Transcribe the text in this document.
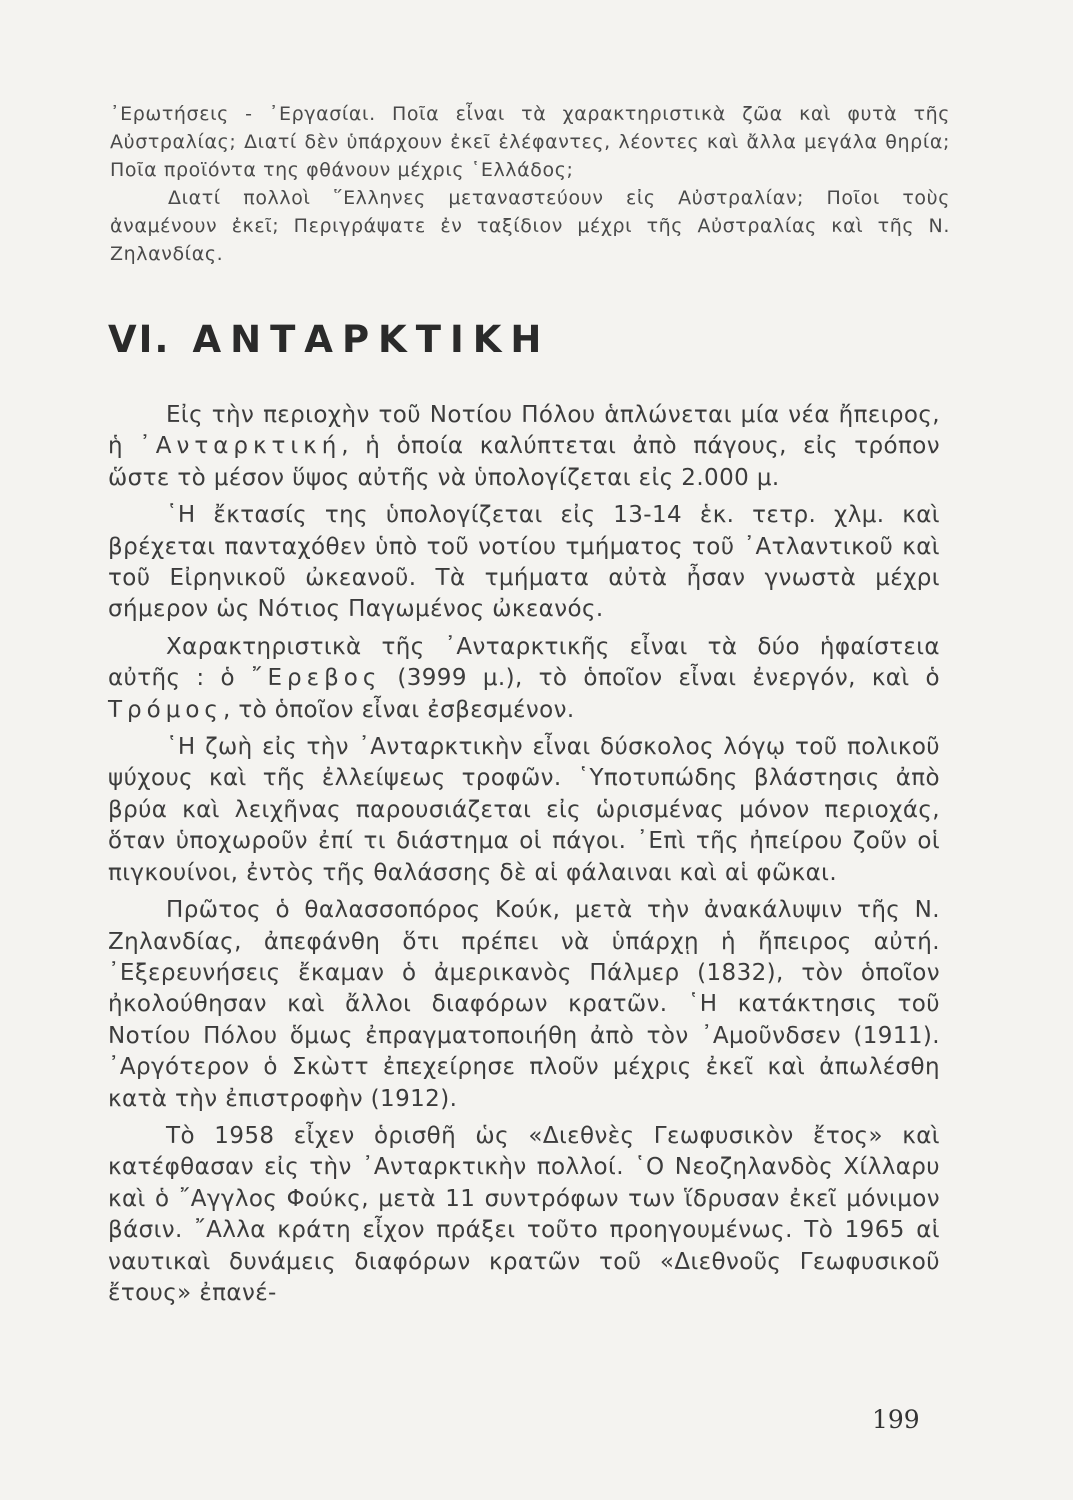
᾿Ερωτήσεις - ᾿Εργασίαι. Ποῖα εἶναι τὰ χαρακτηριστικὰ ζῶα καὶ φυτὰ τῆς Αὐστραλίας; Διατί δὲν ὑπάρχουν ἐκεῖ ἐλέφαντες, λέοντες καὶ ἄλλα μεγάλα θηρία; Ποῖα προϊόντα της φθάνουν μέχρις ῾Ελλάδος;

Διατί πολλοὶ ῞Ελληνες μεταναστεύουν εἰς Αὐστραλίαν; Ποῖοι τοὺς ἀναμένουν ἐκεῖ; Περιγράψατε ἐν ταξίδιον μέχρι τῆς Αὐστραλίας καὶ τῆς Ν. Ζηλανδίας.

VI. ΑΝΤΑΡΚΤΙΚΗ

Εἰς τὴν περιοχὴν τοῦ Νοτίου Πόλου ἁπλώνεται μία νέα ἤπειρος, ἡ ᾿Ανταρκτική, ἡ ὁποία καλύπτεται ἀπὸ πάγους, εἰς τρόπον ὥστε τὸ μέσον ὕψος αὐτῆς νὰ ὑπολογίζεται εἰς 2.000 μ.

῾Η ἔκτασίς της ὑπολογίζεται εἰς 13-14 ἑκ. τετρ. χλμ. καὶ βρέχεται πανταχόθεν ὑπὸ τοῦ νοτίου τμήματος τοῦ ᾿Ατλαντικοῦ καὶ τοῦ Εἰρηνικοῦ ὠκεανοῦ. Τὰ τμήματα αὐτὰ ἦσαν γνωστὰ μέχρι σήμερον ὡς Νότιος Παγωμένος ὠκεανός.

Χαρακτηριστικὰ τῆς ᾿Ανταρκτικῆς εἶναι τὰ δύο ἡφαίστεια αὐτῆς : ὁ ῎Ερεβος (3999 μ.), τὸ ὁποῖον εἶναι ἐνεργόν, καὶ ὁ Τρόμος, τὸ ὁποῖον εἶναι ἐσβεσμένον.

῾Η ζωὴ εἰς τὴν ᾿Ανταρκτικὴν εἶναι δύσκολος λόγῳ τοῦ πολικοῦ ψύχους καὶ τῆς ἐλλείψεως τροφῶν. ῾Υποτυπώδης βλάστησις ἀπὸ βρύα καὶ λειχῆνας παρουσιάζεται εἰς ὡρισμένας μόνον περιοχάς, ὅταν ὑποχωροῦν ἐπί τι διάστημα οἱ πάγοι. ᾿Επὶ τῆς ἠπείρου ζοῦν οἱ πιγκουίνοι, ἐντὸς τῆς θαλάσσης δὲ αἱ φάλαιναι καὶ αἱ φῶκαι.

Πρῶτος ὁ θαλασσοπόρος Κούκ, μετὰ τὴν ἀνακάλυψιν τῆς Ν. Ζηλανδίας, ἀπεφάνθη ὅτι πρέπει νὰ ὑπάρχῃ ἡ ἤπειρος αὐτή. ᾿Εξερευνήσεις ἔκαμαν ὁ ἀμερικανὸς Πάλμερ (1832), τὸν ὁποῖον ἠκολούθησαν καὶ ἄλλοι διαφόρων κρατῶν. ῾Η κατάκτησις τοῦ Νοτίου Πόλου ὅμως ἐπραγματοποιήθη ἀπὸ τὸν ᾿Αμοῦνδσεν (1911). ᾿Αργότερον ὁ Σκὼττ ἐπεχείρησε πλοῦν μέχρις ἐκεῖ καὶ ἀπωλέσθη κατὰ τὴν ἐπιστροφὴν (1912).

Τὸ 1958 εἶχεν ὁρισθῆ ὡς «Διεθνὲς Γεωφυσικὸν ἔτος» καὶ κατέφθασαν εἰς τὴν ᾿Ανταρκτικὴν πολλοί. ῾Ο Νεοζηλανδὸς Χίλλαρυ καὶ ὁ ῎Αγγλος Φούκς, μετὰ 11 συντρόφων των ἵδρυσαν ἐκεῖ μόνιμον βάσιν. ῎Αλλα κράτη εἶχον πράξει τοῦτο προηγουμένως. Τὸ 1965 αἱ ναυτικαὶ δυνάμεις διαφόρων κρατῶν τοῦ «Διεθνοῦς Γεωφυσικοῦ ἔτους» ἐπανέ-

199
